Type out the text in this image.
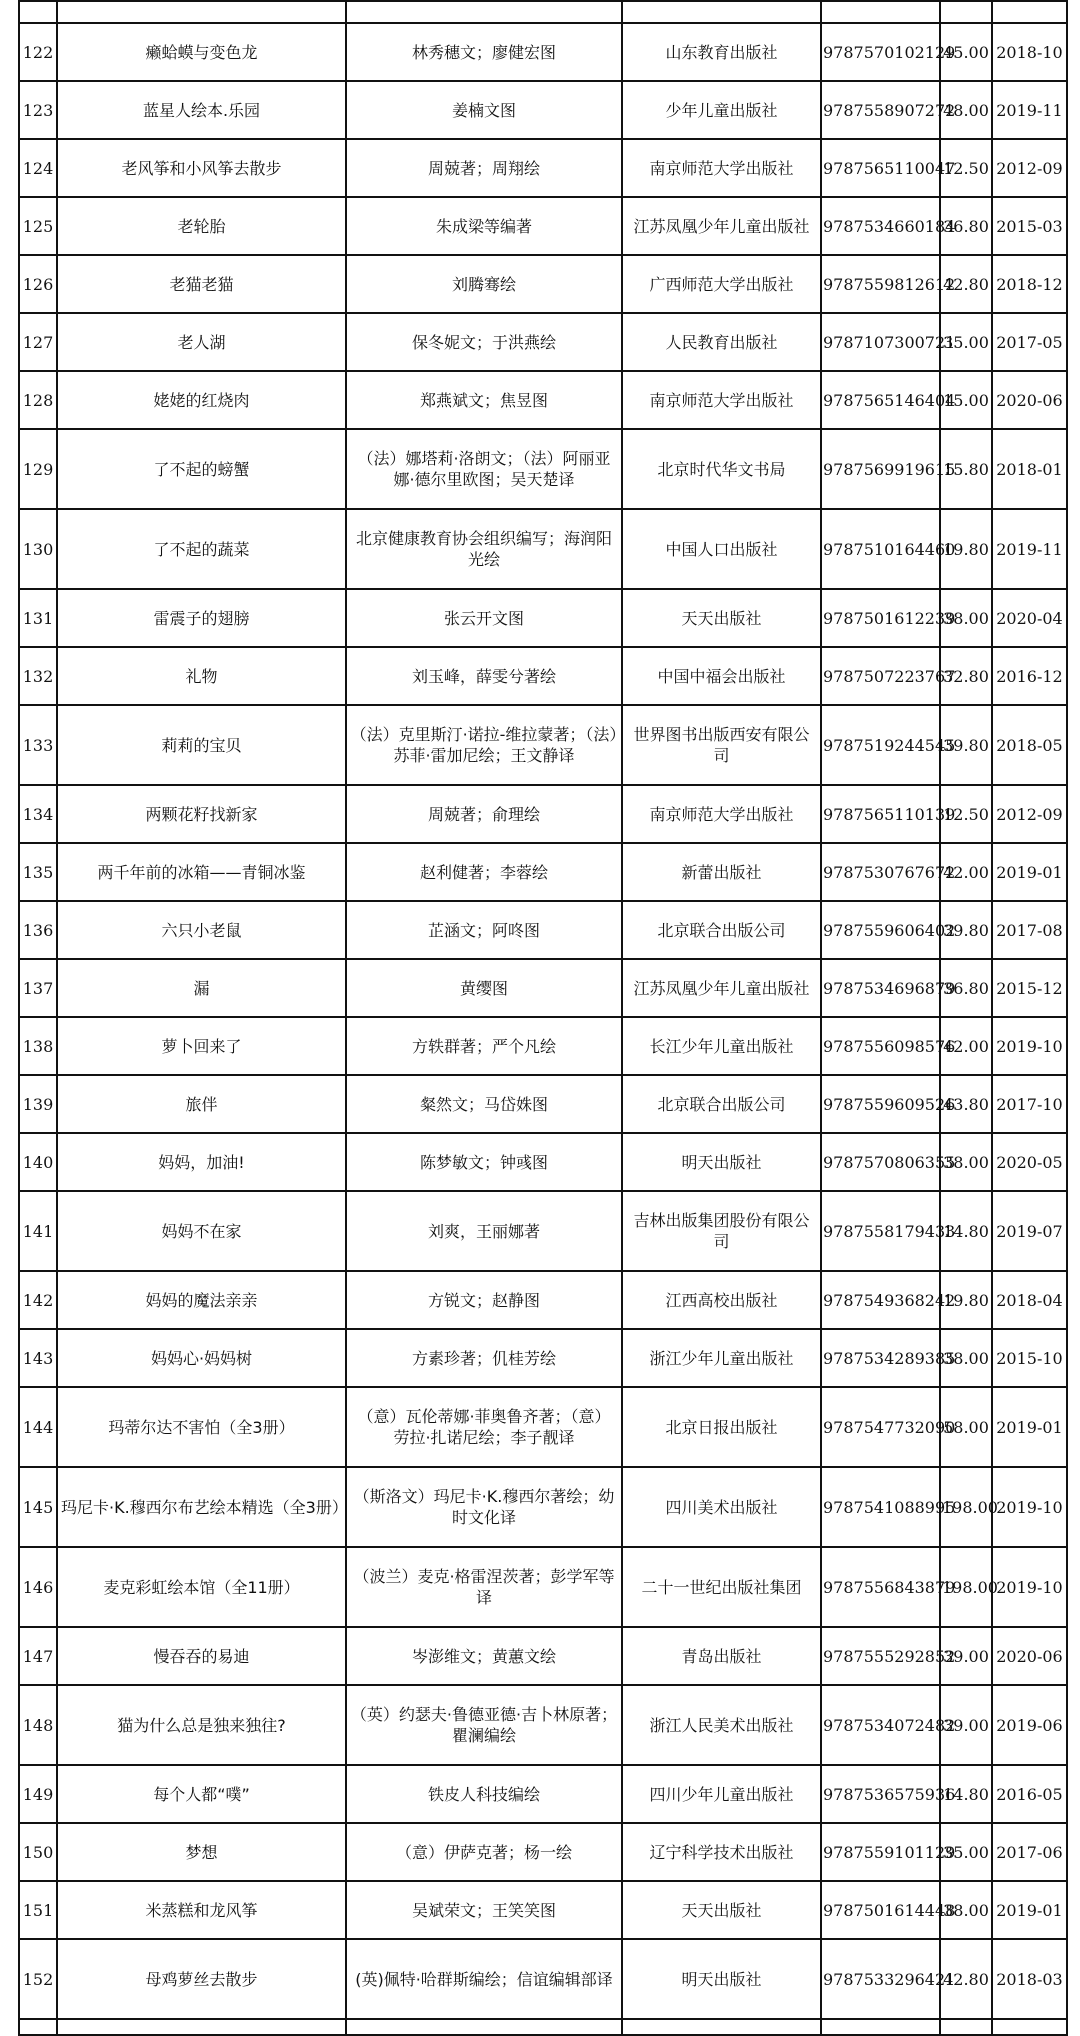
122	癞蛤蟆与变色龙	林秀穗文；廖健宏图	山东教育出版社	9787570102129	45.00	2018-10
123	蓝星人绘本.乐园	姜楠文图	少年儿童出版社	9787558907272	48.00	2019-11
124	老风筝和小风筝去散步	周兢著；周翔绘	南京师范大学出版社	9787565110047	12.50	2012-09
125	老轮胎	朱成梁等编著	江苏凤凰少年儿童出版社	9787534660184	36.80	2015-03
126	老猫老猫	刘腾骞绘	广西师范大学出版社	9787559812612	42.80	2018-12
127	老人湖	保冬妮文；于洪燕绘	人民教育出版社	9787107300721	35.00	2017-05
128	姥姥的红烧肉	郑燕斌文；焦昱图	南京师范大学出版社	9787565146404	15.00	2020-06
129	了不起的螃蟹	（法）娜塔莉·洛朗文；（法）阿丽亚娜·德尔里欧图；吴天楚译	北京时代华文书局	9787569919615	15.80	2018-01
130	了不起的蔬菜	北京健康教育协会组织编写；海润阳光绘	中国人口出版社	9787510164460	19.80	2019-11
131	雷震子的翅膀	张云开文图	天天出版社	9787501612239	38.00	2020-04
132	礼物	刘玉峰，薛雯兮著绘	中国中福会出版社	9787507223767	32.80	2016-12
133	莉莉的宝贝	（法）克里斯汀·诺拉-维拉蒙著；（法）苏菲·雷加尼绘；王文静译	世界图书出版西安有限公司	9787519244545	39.80	2018-05
134	两颗花籽找新家	周兢著；俞理绘	南京师范大学出版社	9787565110139	12.50	2012-09
135	两千年前的冰箱——青铜冰鉴	赵利健著；李蓉绘	新蕾出版社	9787530767672	42.00	2019-01
136	六只小老鼠	芷涵文；阿咚图	北京联合出版公司	9787559606402	39.80	2017-08
137	漏	黄缨图	江苏凤凰少年儿童出版社	9787534696879	36.80	2015-12
138	萝卜回来了	方轶群著；严个凡绘	长江少年儿童出版社	9787556098576	42.00	2019-10
139	旅伴	粲然文；马岱姝图	北京联合出版公司	9787559609526	43.80	2017-10
140	妈妈，加油!	陈梦敏文；钟彧图	明天出版社	9787570806355	38.00	2020-05
141	妈妈不在家	刘爽，王丽娜著	吉林出版集团股份有限公司	9787558179433	14.80	2019-07
142	妈妈的魔法亲亲	方锐文；赵静图	江西高校出版社	9787549368242	19.80	2018-04
143	妈妈心·妈妈树	方素珍著；仉桂芳绘	浙江少年儿童出版社	9787534289385	38.00	2015-10
144	玛蒂尔达不害怕（全3册）	（意）瓦伦蒂娜·菲奥鲁齐著；（意）劳拉·扎诺尼绘；李子靓译	北京日报出版社	9787547732090	58.00	2019-01
145	玛尼卡·K.穆西尔布艺绘本精选（全3册）	（斯洛文）玛尼卡·K.穆西尔著绘；幼时文化译	四川美术出版社	9787541088995	198.00	2019-10
146	麦克彩虹绘本馆（全11册）	（波兰）麦克·格雷涅茨著；彭学军等译	二十一世纪出版社集团	9787556843879	198.00	2019-10
147	慢吞吞的易迪	岑澎维文；黄蕙文绘	青岛出版社	9787555292852	39.00	2020-06
148	猫为什么总是独来独往?	（英）约瑟夫·鲁德亚德·吉卜林原著；瞿澜编绘	浙江人民美术出版社	9787534072482	39.00	2019-06
149	每个人都“噗”	铁皮人科技编绘	四川少年儿童出版社	9787536575936	14.80	2016-05
150	梦想	（意）伊萨克著；杨一绘	辽宁科学技术出版社	9787559101129	35.00	2017-06
151	米蒸糕和龙风筝	吴斌荣文；王笑笑图	天天出版社	9787501614448	38.00	2019-01
152	母鸡萝丝去散步	(英)佩特·哈群斯编绘；信谊编辑部译	明天出版社	9787533296421	42.80	2018-03
